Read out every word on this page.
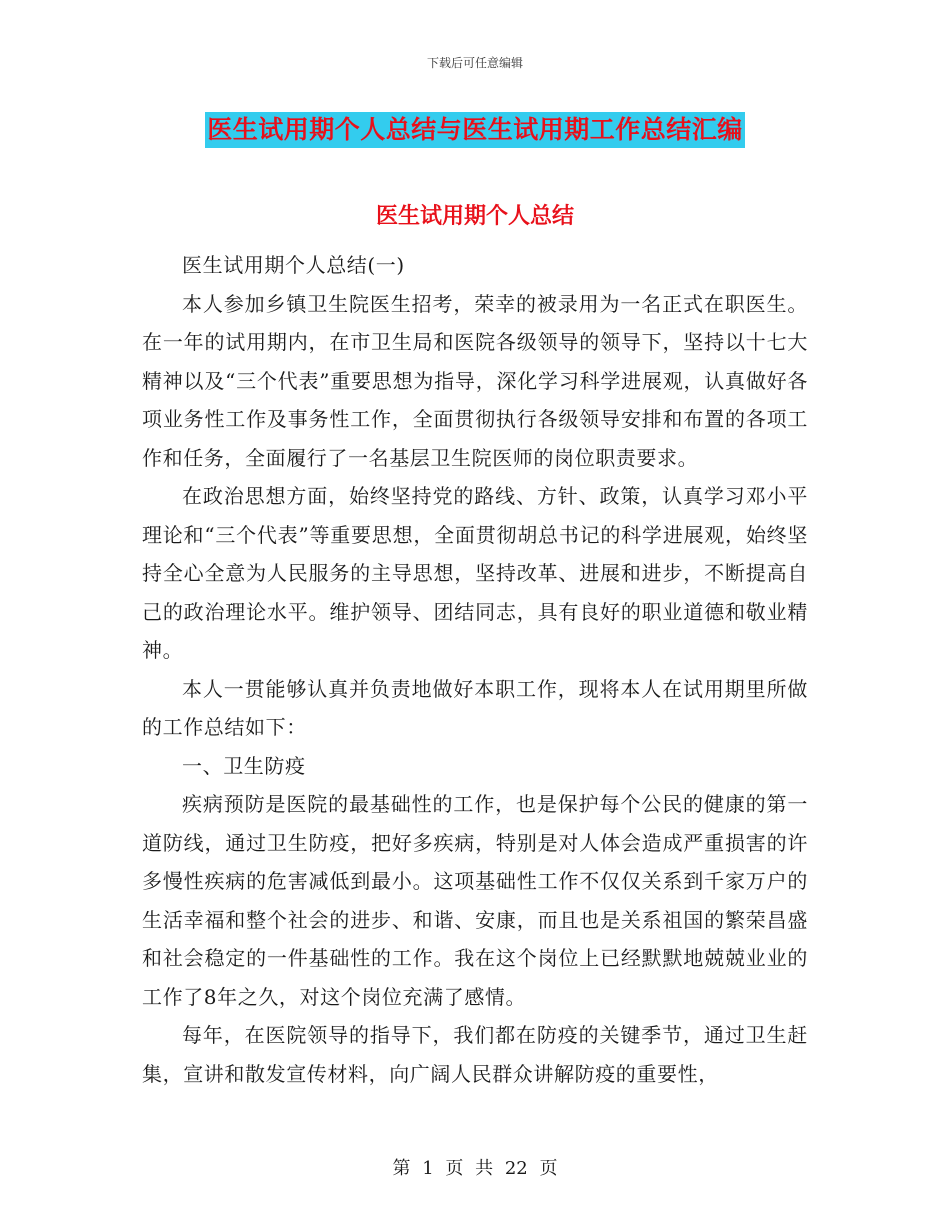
下载后可任意编辑
医生试用期个人总结与医生试用期工作总结汇编
医生试用期个人总结

医生试用期个人总结(一)

本人参加乡镇卫生院医生招考，荣幸的被录用为一名正式在职医生。在一年的试用期内，在市卫生局和医院各级领导的领导下，坚持以十七大精神以及“三个代表”重要思想为指导，深化学习科学进展观，认真做好各项业务性工作及事务性工作，全面贯彻执行各级领导安排和布置的各项工作和任务，全面履行了一名基层卫生院医师的岗位职责要求。

在政治思想方面，始终坚持党的路线、方针、政策，认真学习邓小平理论和“三个代表”等重要思想，全面贯彻胡总书记的科学进展观，始终坚持全心全意为人民服务的主导思想，坚持改革、进展和进步，不断提高自己的政治理论水平。维护领导、团结同志，具有良好的职业道德和敬业精神。

本人一贯能够认真并负责地做好本职工作，现将本人在试用期里所做的工作总结如下：

一、卫生防疫

疾病预防是医院的最基础性的工作，也是保护每个公民的健康的第一道防线，通过卫生防疫，把好多疾病，特别是对人体会造成严重损害的许多慢性疾病的危害减低到最小。这项基础性工作不仅仅关系到千家万户的生活幸福和整个社会的进步、和谐、安康，而且也是关系祖国的繁荣昌盛和社会稳定的一件基础性的工作。我在这个岗位上已经默默地兢兢业业的工作了8年之久，对这个岗位充满了感情。

每年，在医院领导的指导下，我们都在防疫的关键季节，通过卫生赶集，宣讲和散发宣传材料，向广阔人民群众讲解防疫的重要性，

第 1 页 共 22 页
